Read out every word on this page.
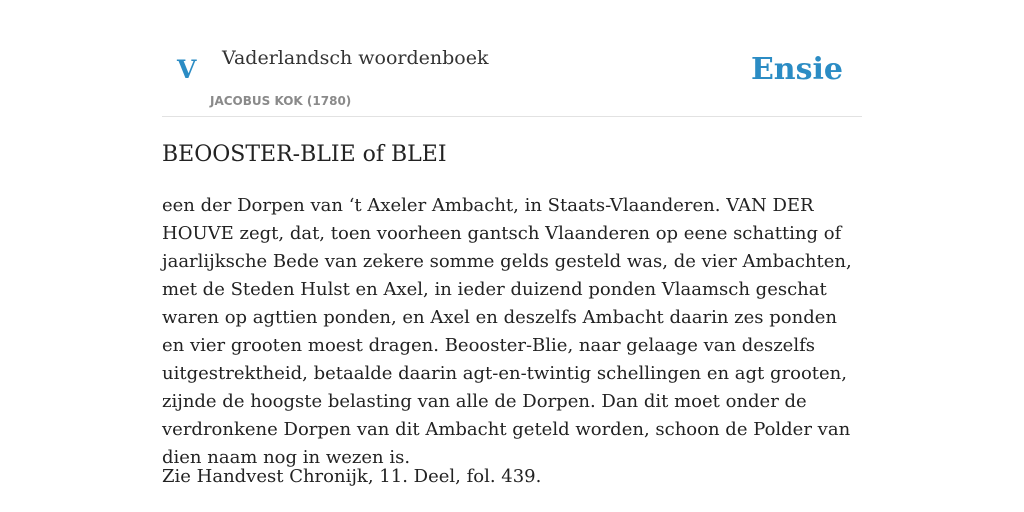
V Vaderlandsch woordenboek
JACOBUS KOK (1780)
Ensie
BEOOSTER-BLIE of BLEI

een der Dorpen van ‘t Axeler Ambacht, in Staats-Vlaanderen. VAN DER HOUVE zegt, dat, toen voorheen gantsch Vlaanderen op eene schatting of jaarlijksche Bede van zekere somme gelds gesteld was, de vier Ambachten, met de Steden Hulst en Axel, in ieder duizend ponden Vlaamsch geschat waren op agttien ponden, en Axel en deszelfs Ambacht daarin zes ponden en vier grooten moest dragen. Beooster-Blie, naar gelaage van deszelfs uitgestrektheid, betaalde daarin agt-en-twintig schellingen en agt grooten, zijnde de hoogste belasting van alle de Dorpen. Dan dit moet onder de verdronkene Dorpen van dit Ambacht geteld worden, schoon de Polder van dien naam nog in wezen is.

Zie Handvest Chronijk, 11. Deel, fol. 439.
